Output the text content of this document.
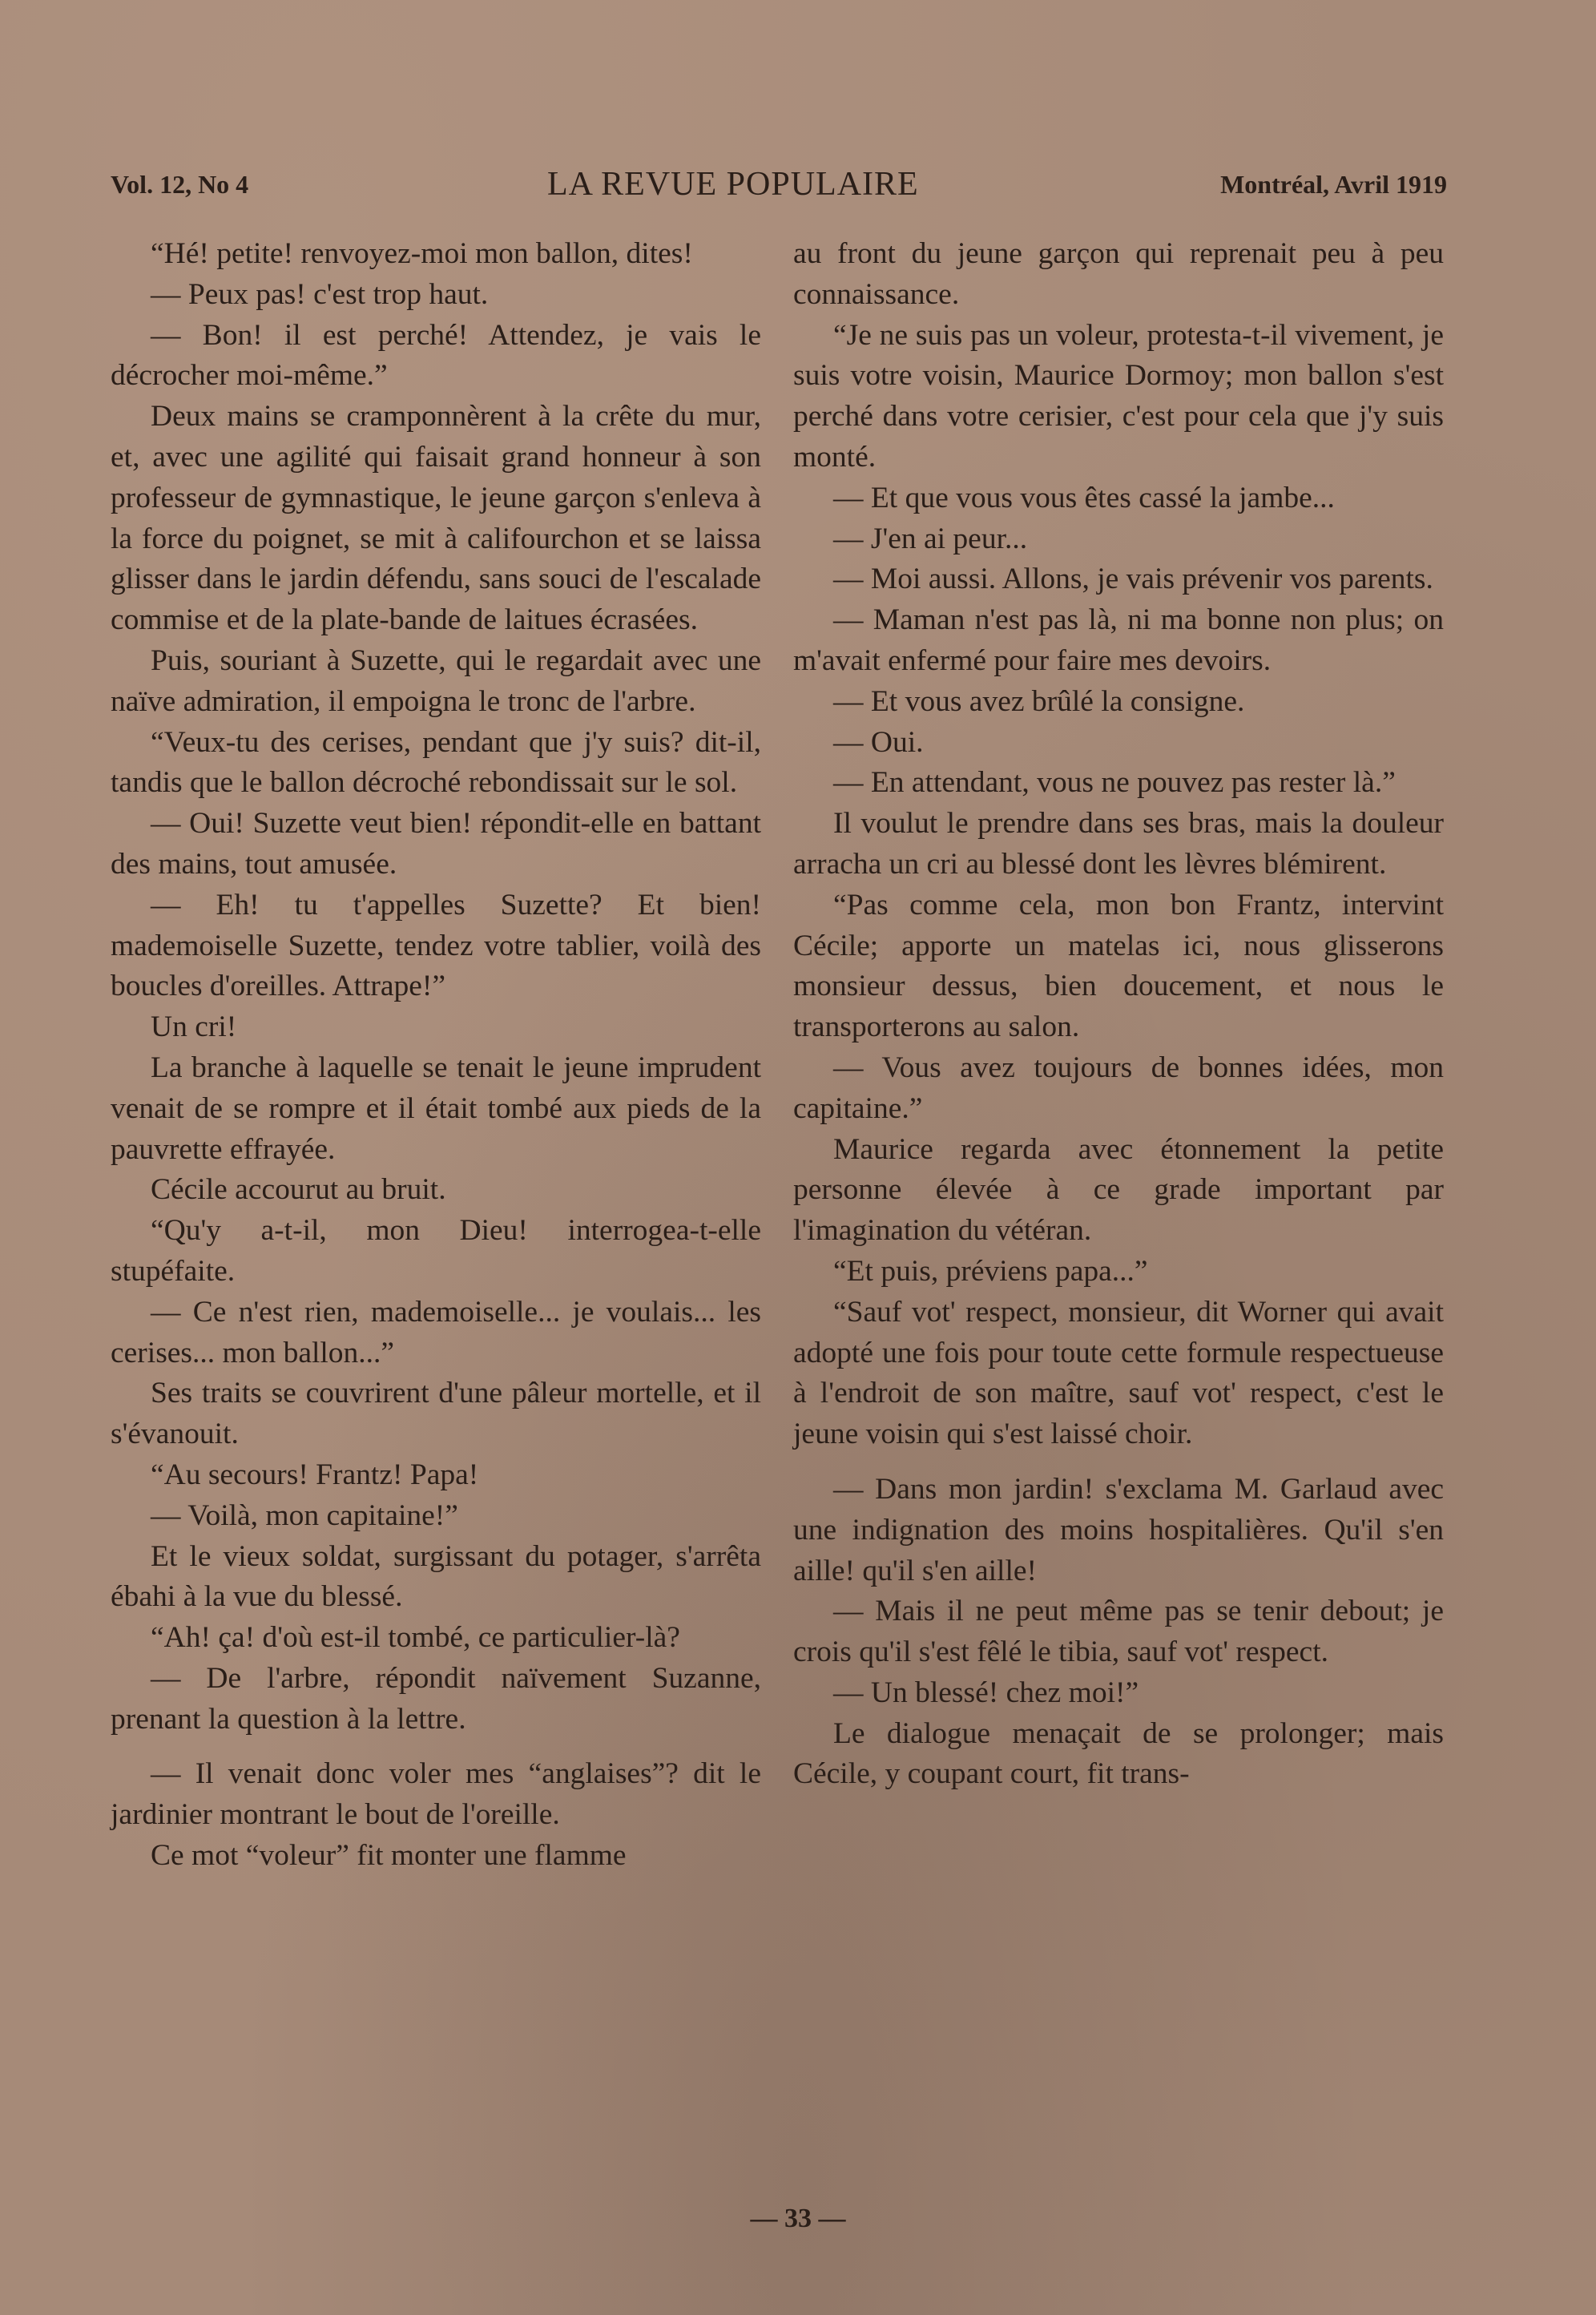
Vol. 12, No 4	LA REVUE POPULAIRE	Montréal, Avril 1919

“Hé! petite! renvoyez-moi mon ballon, dites!

— Peux pas! c'est trop haut.

— Bon! il est perché! Attendez, je vais le décrocher moi-même.”

Deux mains se cramponnèrent à la crête du mur, et, avec une agilité qui faisait grand honneur à son professeur de gymnastique, le jeune garçon s'enleva à la force du poignet, se mit à califourchon et se laissa glisser dans le jardin défendu, sans souci de l'escalade commise et de la plate-bande de laitues écrasées.

Puis, souriant à Suzette, qui le regardait avec une naïve admiration, il empoigna le tronc de l'arbre.

“Veux-tu des cerises, pendant que j'y suis? dit-il, tandis que le ballon décroché rebondissait sur le sol.

— Oui! Suzette veut bien! répondit-elle en battant des mains, tout amusée.

— Eh! tu t'appelles Suzette? Et bien! mademoiselle Suzette, tendez votre tablier, voilà des boucles d'oreilles. Attrape!”

Un cri!

La branche à laquelle se tenait le jeune imprudent venait de se rompre et il était tombé aux pieds de la pauvrette effrayée.

Cécile accourut au bruit.

“Qu'y a-t-il, mon Dieu! interrogea-t-elle stupéfaite.

— Ce n'est rien, mademoiselle... je voulais... les cerises... mon ballon...”

Ses traits se couvrirent d'une pâleur mortelle, et il s'évanouit.

“Au secours! Frantz! Papa!

— Voilà, mon capitaine!”

Et le vieux soldat, surgissant du potager, s'arrêta ébahi à la vue du blessé.

“Ah! ça! d'où est-il tombé, ce particulier-là?

— De l'arbre, répondit naïvement Suzanne, prenant la question à la lettre.

— Il venait donc voler mes “anglaises”? dit le jardinier montrant le bout de l'oreille.

Ce mot “voleur” fit monter une flamme

au front du jeune garçon qui reprenait peu à peu connaissance.

“Je ne suis pas un voleur, protesta-t-il vivement, je suis votre voisin, Maurice Dormoy; mon ballon s'est perché dans votre cerisier, c'est pour cela que j'y suis monté.

— Et que vous vous êtes cassé la jambe...

— J'en ai peur...

— Moi aussi. Allons, je vais prévenir vos parents.

— Maman n'est pas là, ni ma bonne non plus; on m'avait enfermé pour faire mes devoirs.

— Et vous avez brûlé la consigne.

— Oui.

— En attendant, vous ne pouvez pas rester là.”

Il voulut le prendre dans ses bras, mais la douleur arracha un cri au blessé dont les lèvres blémirent.

“Pas comme cela, mon bon Frantz, intervint Cécile; apporte un matelas ici, nous glisserons monsieur dessus, bien doucement, et nous le transporterons au salon.

— Vous avez toujours de bonnes idées, mon capitaine.”

Maurice regarda avec étonnement la petite personne élevée à ce grade important par l'imagination du vétéran.

“Et puis, préviens papa...”

“Sauf vot' respect, monsieur, dit Worner qui avait adopté une fois pour toute cette formule respectueuse à l'endroit de son maître, sauf vot' respect, c'est le jeune voisin qui s'est laissé choir.

— Dans mon jardin! s'exclama M. Garlaud avec une indignation des moins hospitalières. Qu'il s'en aille! qu'il s'en aille!

— Mais il ne peut même pas se tenir debout; je crois qu'il s'est fêlé le tibia, sauf vot' respect.

— Un blessé! chez moi!”

Le dialogue menaçait de se prolonger; mais Cécile, y coupant court, fit trans-

— 33 —
